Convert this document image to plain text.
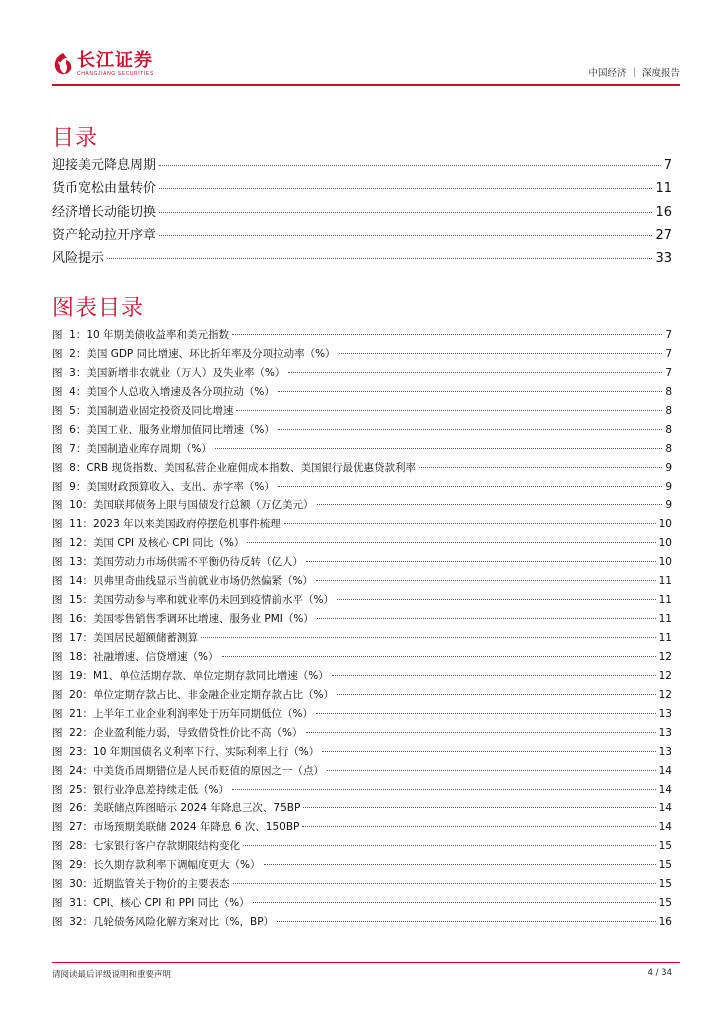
长江证券
CHANGJIANG SECURITIES	中国经济 ｜ 深度报告
目录
迎接美元降息周期	7
货币宽松由量转价	11
经济增长动能切换	16
资产轮动拉开序章	27
风险提示	33
图表目录
图  1：10 年期美债收益率和美元指数	7
图  2：美国 GDP 同比增速、环比折年率及分项拉动率（%）	7
图  3：美国新增非农就业（万人）及失业率（%）	7
图  4：美国个人总收入增速及各分项拉动（%）	8
图  5：美国制造业固定投资及同比增速	8
图  6：美国工业、服务业增加值同比增速（%）	8
图  7：美国制造业库存周期（%）	8
图  8：CRB 现货指数、美国私营企业雇佣成本指数、美国银行最优惠贷款利率	9
图  9：美国财政预算收入、支出、赤字率（%）	9
图  10：美国联邦债务上限与国债发行总额（万亿美元）	9
图  11：2023 年以来美国政府停摆危机事件梳理	10
图  12：美国 CPI 及核心 CPI 同比（%）	10
图  13：美国劳动力市场供需不平衡仍待反转（亿人）	10
图  14：贝弗里奇曲线显示当前就业市场仍然偏紧（%）	11
图  15：美国劳动参与率和就业率仍未回到疫情前水平（%）	11
图  16：美国零售销售季调环比增速、服务业 PMI（%）	11
图  17：美国居民超额储蓄测算	11
图  18：社融增速、信贷增速（%）	12
图  19：M1、单位活期存款、单位定期存款同比增速（%）	12
图  20：单位定期存款占比、非金融企业定期存款占比（%）	12
图  21：上半年工业企业利润率处于历年同期低位（%）	13
图  22：企业盈利能力弱，导致借贷性价比不高（%）	13
图  23：10 年期国债名义利率下行、实际利率上行（%）	13
图  24：中美货币周期错位是人民币贬值的原因之一（点）	14
图  25：银行业净息差持续走低（%）	14
图  26：美联储点阵图暗示 2024 年降息三次、75BP	14
图  27：市场预期美联储 2024 年降息 6 次、150BP	14
图  28：七家银行客户存款期限结构变化	15
图  29：长久期存款利率下调幅度更大（%）	15
图  30：近期监管关于物价的主要表态	15
图  31：CPI、核心 CPI 和 PPI 同比（%）	15
图  32：几轮债务风险化解方案对比（%，BP）	16
请阅读最后评级说明和重要声明	4 / 34
